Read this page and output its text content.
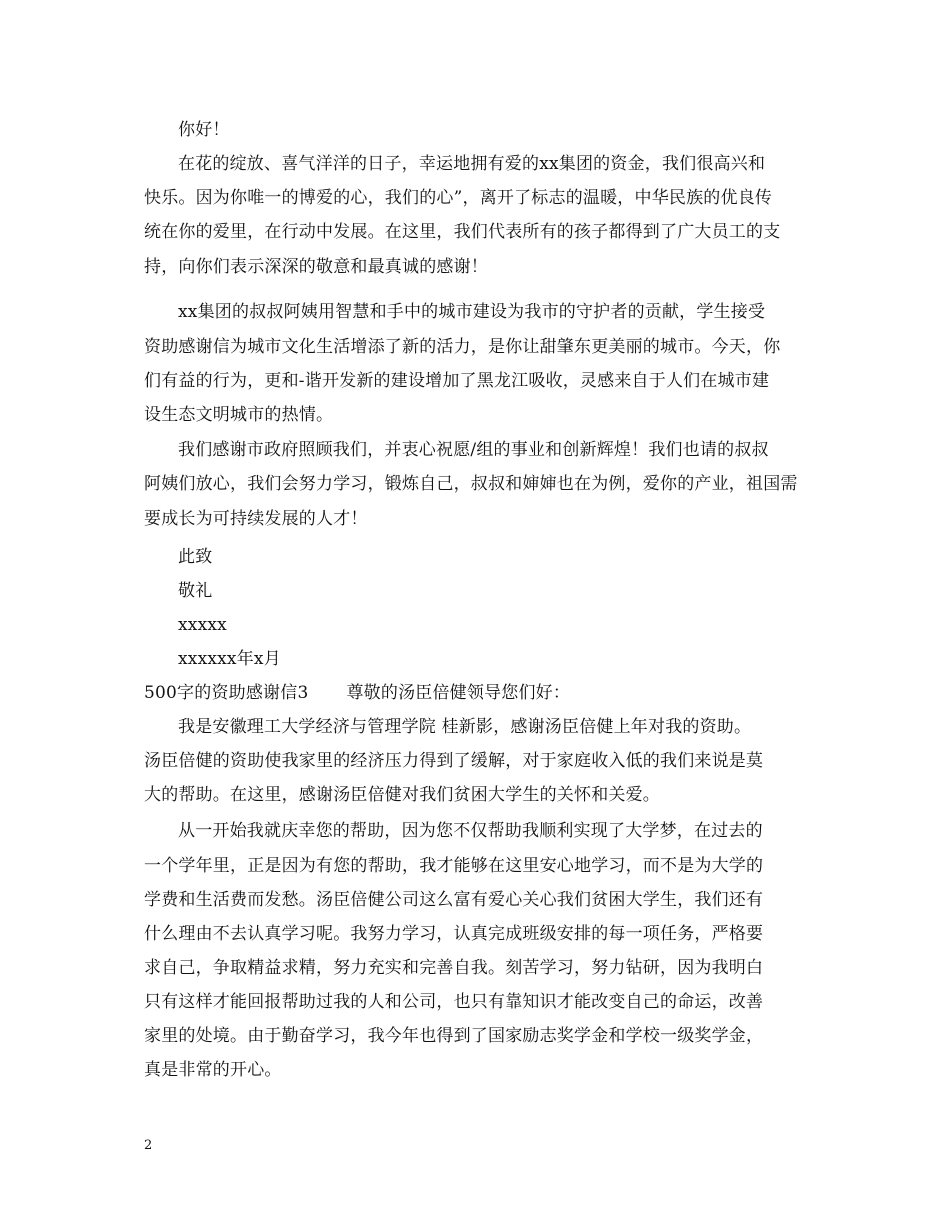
你好！
在花的绽放、喜气洋洋的日子，幸运地拥有爱的xx集团的资金，我们很高兴和
快乐。因为你唯一的博爱的心，我们的心”，离开了标志的温暖，中华民族的优良传
统在你的爱里，在行动中发展。在这里，我们代表所有的孩子都得到了广大员工的支
持，向你们表示深深的敬意和最真诚的感谢！
xx集团的叔叔阿姨用智慧和手中的城市建设为我市的守护者的贡献，学生接受
资助感谢信为城市文化生活增添了新的活力，是你让甜肇东更美丽的城市。今天，你
们有益的行为，更和-谐开发新的建设增加了黑龙江吸收，灵感来自于人们在城市建
设生态文明城市的热情。
我们感谢市政府照顾我们，并衷心祝愿/组的事业和创新辉煌！我们也请的叔叔
阿姨们放心，我们会努力学习，锻炼自己，叔叔和婶婶也在为例，爱你的产业，祖国需
要成长为可持续发展的人才！
此致
敬礼
xxxxx
xxxxxx年x月
500字的资助感谢信3 尊敬的汤臣倍健领导您们好：
我是安徽理工大学经济与管理学院 桂新影，感谢汤臣倍健上年对我的资助。
汤臣倍健的资助使我家里的经济压力得到了缓解，对于家庭收入低的我们来说是莫
大的帮助。在这里，感谢汤臣倍健对我们贫困大学生的关怀和关爱。
从一开始我就庆幸您的帮助，因为您不仅帮助我顺利实现了大学梦，在过去的
一个学年里，正是因为有您的帮助，我才能够在这里安心地学习，而不是为大学的
学费和生活费而发愁。汤臣倍健公司这么富有爱心关心我们贫困大学生，我们还有
什么理由不去认真学习呢。我努力学习，认真完成班级安排的每一项任务，严格要
求自己，争取精益求精，努力充实和完善自我。刻苦学习，努力钻研，因为我明白
只有这样才能回报帮助过我的人和公司，也只有靠知识才能改变自己的命运，改善
家里的处境。由于勤奋学习，我今年也得到了国家励志奖学金和学校一级奖学金，
真是非常的开心。
2
